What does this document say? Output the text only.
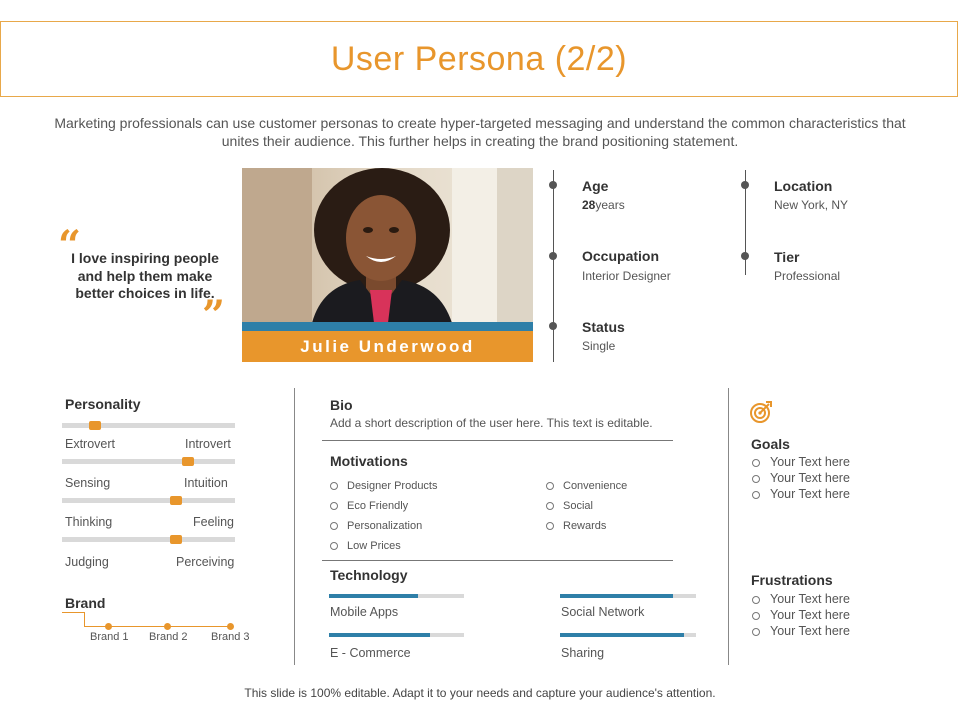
User Persona (2/2)
Marketing professionals can use customer personas to create hyper-targeted messaging and understand the common characteristics that unites their audience. This further helps in creating the brand positioning statement.
“
I love inspiring people and help them make better choices in life.
”
Julie Underwood
Age
28years
Occupation
Interior Designer
Status
Single
Location
New York, NY
Tier
Professional
Personality
Extrovert	Introvert
Sensing	Intuition
Thinking	Feeling
Judging	Perceiving
Brand
Brand 1 Brand 2 Brand 3
Bio
Add a short description of the user here. This text is editable.
Motivations
Designer Products
Eco Friendly
Personalization
Low Prices
Convenience
Social
Rewards
Technology
Mobile Apps	Social Network
E - Commerce	Sharing
Goals
Your Text here
Your Text here
Your Text here
Frustrations
Your Text here
Your Text here
Your Text here
This slide is 100% editable. Adapt it to your needs and capture your audience's attention.
